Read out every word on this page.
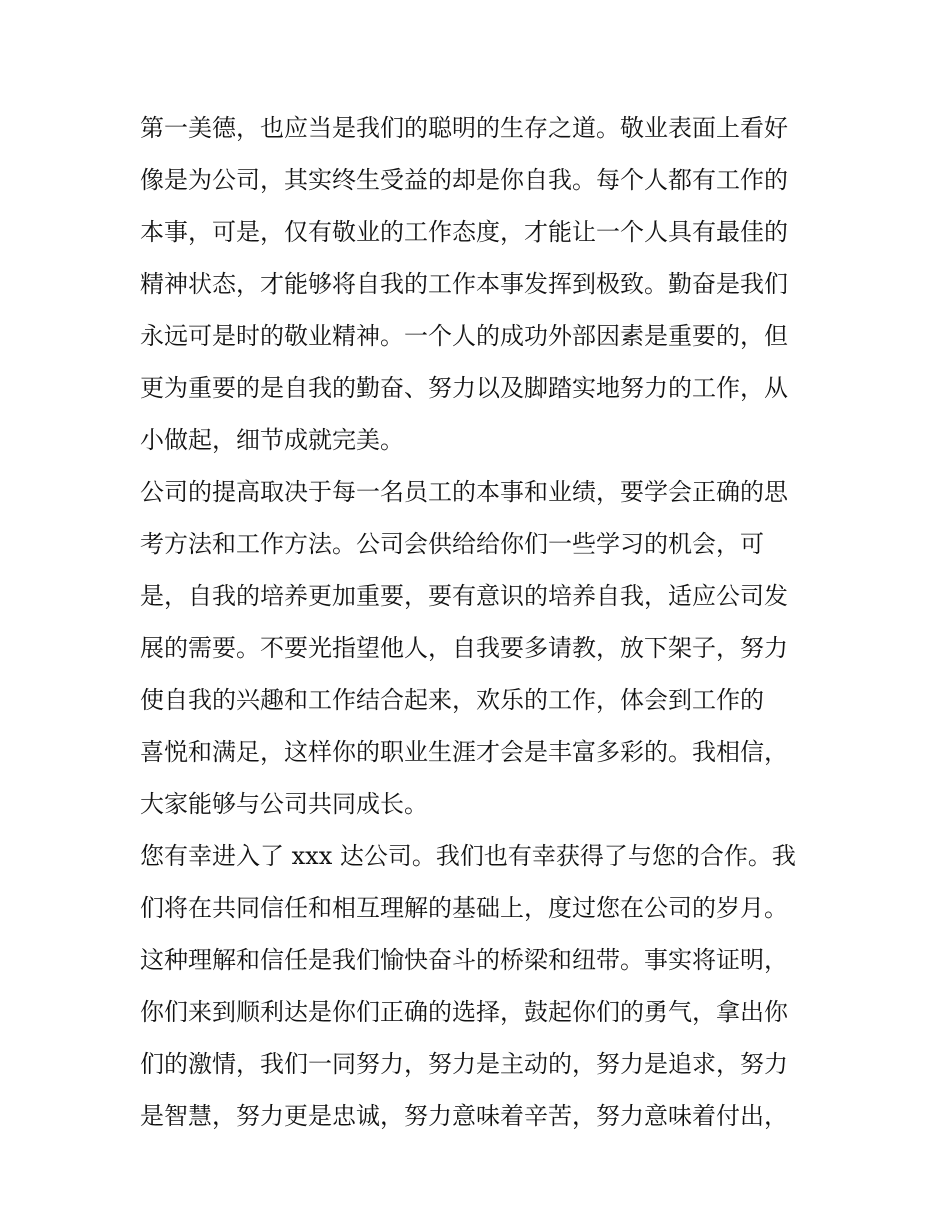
第一美德，也应当是我们的聪明的生存之道。敬业表面上看好
像是为公司，其实终生受益的却是你自我。每个人都有工作的
本事，可是，仅有敬业的工作态度，才能让一个人具有最佳的
精神状态，才能够将自我的工作本事发挥到极致。勤奋是我们
永远可是时的敬业精神。一个人的成功外部因素是重要的，但
更为重要的是自我的勤奋、努力以及脚踏实地努力的工作，从
小做起，细节成就完美。
公司的提高取决于每一名员工的本事和业绩，要学会正确的思
考方法和工作方法。公司会供给给你们一些学习的机会，可
是，自我的培养更加重要，要有意识的培养自我，适应公司发
展的需要。不要光指望他人，自我要多请教，放下架子，努力
使自我的兴趣和工作结合起来，欢乐的工作，体会到工作的
喜悦和满足，这样你的职业生涯才会是丰富多彩的。我相信，
大家能够与公司共同成长。
您有幸进入了 xxx 达公司。我们也有幸获得了与您的合作。我
们将在共同信任和相互理解的基础上，度过您在公司的岁月。
这种理解和信任是我们愉快奋斗的桥梁和纽带。事实将证明，
你们来到顺利达是你们正确的选择，鼓起你们的勇气，拿出你
们的激情，我们一同努力，努力是主动的，努力是追求，努力
是智慧，努力更是忠诚，努力意味着辛苦，努力意味着付出，
